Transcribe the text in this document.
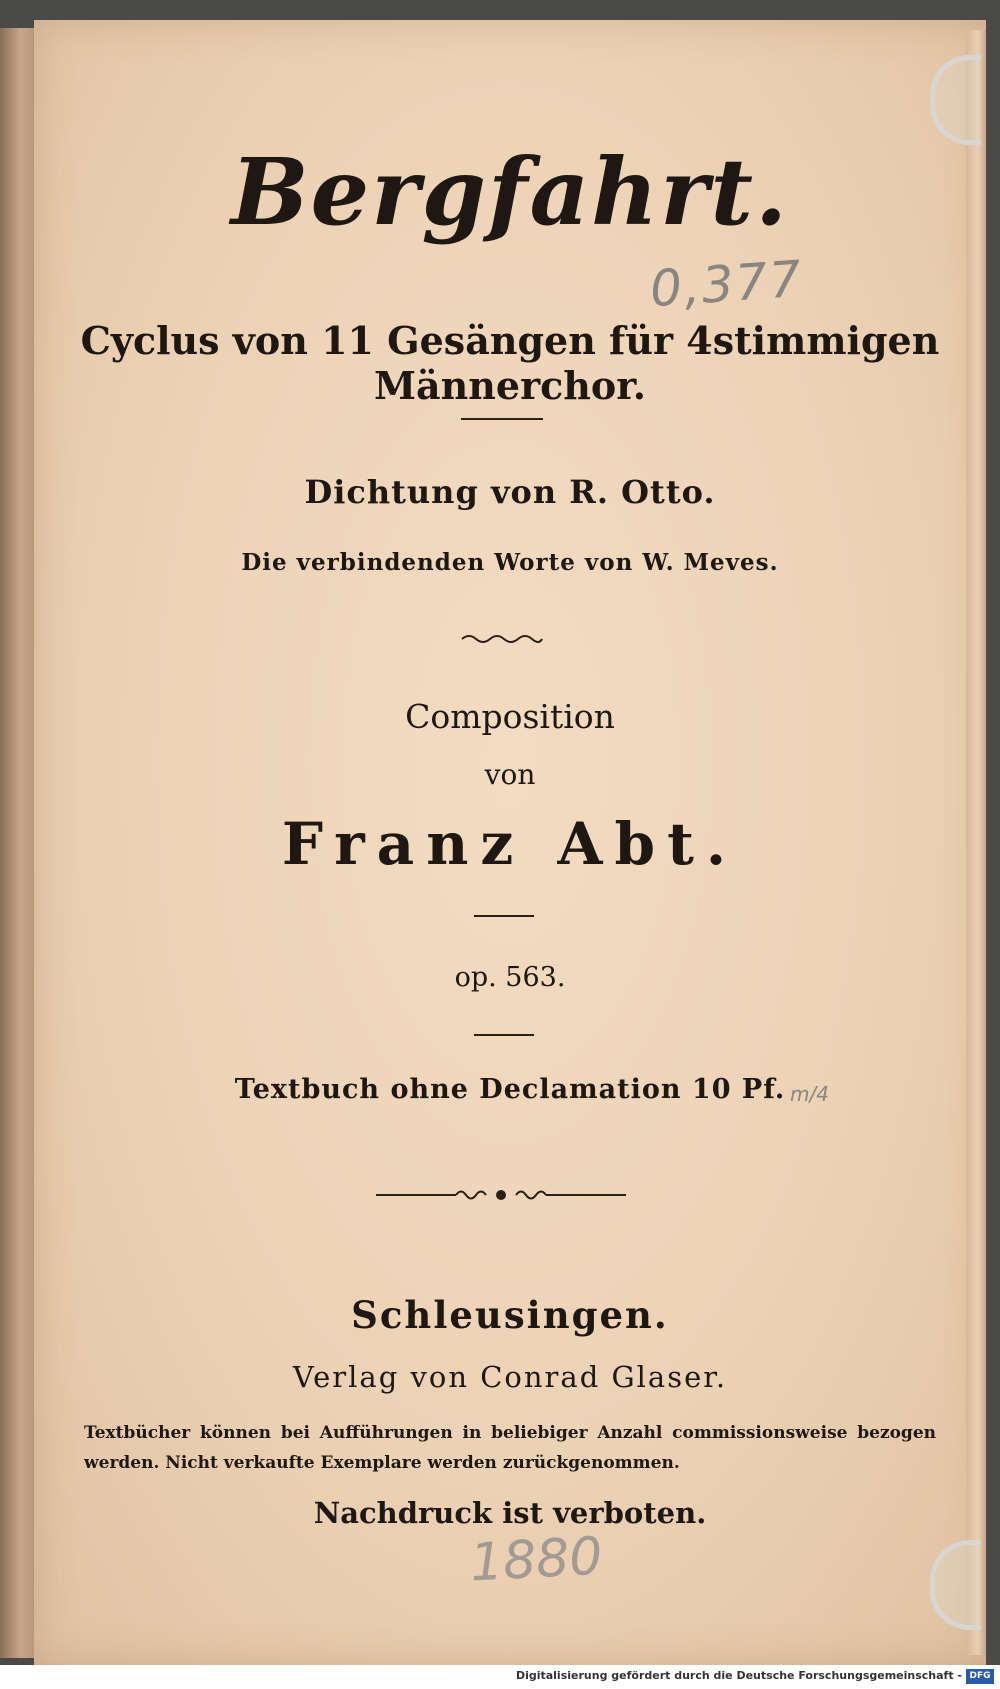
Bergfahrt.
Cyclus von 11 Gesängen für 4stimmigen Männerchor.
Dichtung von R. Otto.
Die verbindenden Worte von W. Meves.
Composition
von
Franz Abt.
op. 563.
Textbuch ohne Declamation 10 Pf.
Schleusingen.
Verlag von Conrad Glaser.
Textbücher können bei Aufführungen in beliebiger Anzahl commissionsweise bezogen werden. Nicht verkaufte Exemplare werden zurückgenommen.
Nachdruck ist verboten.
0,377
m/4
1880
Digitalisierung gefördert durch die Deutsche Forschungsgemeinschaft - DFG
